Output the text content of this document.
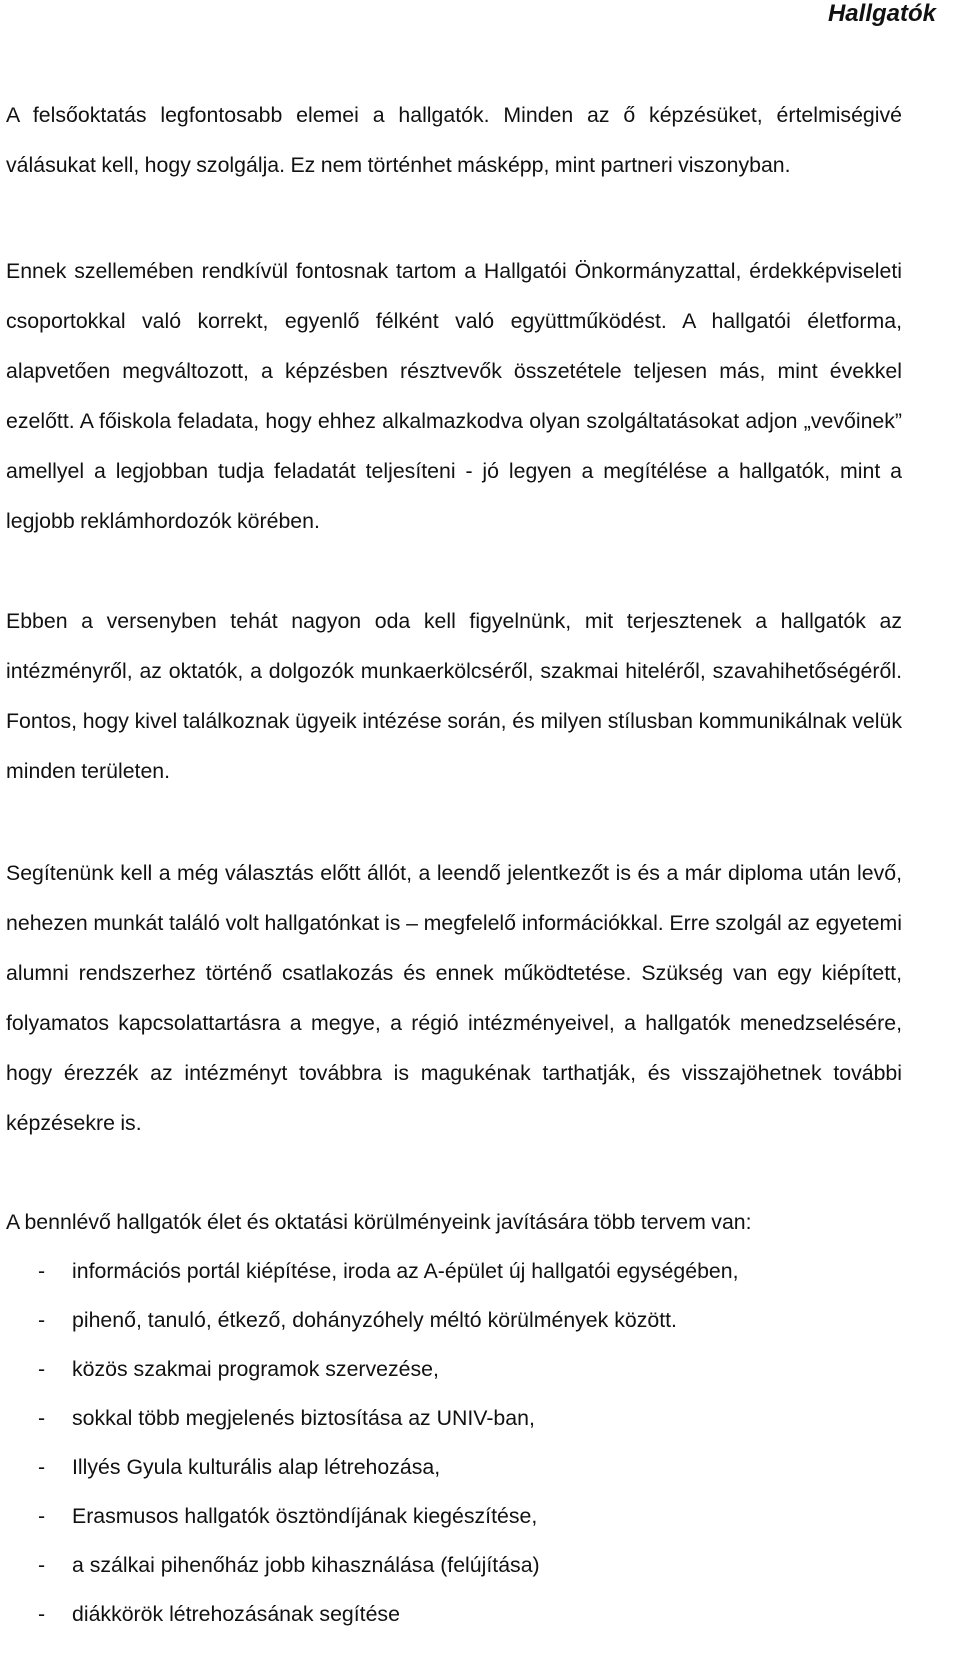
Hallgatók

A felsőoktatás legfontosabb elemei a hallgatók. Minden az ő képzésüket, értelmiségivé válásukat kell, hogy szolgálja. Ez nem történhet másképp, mint partneri viszonyban.

Ennek szellemében rendkívül fontosnak tartom a Hallgatói Önkormányzattal, érdekképviseleti csoportokkal való korrekt, egyenlő félként való együttműködést. A hallgatói életforma, alapvetően megváltozott, a képzésben résztvevők összetétele teljesen más, mint évekkel ezelőtt. A főiskola feladata, hogy ehhez alkalmazkodva olyan szolgáltatásokat adjon „vevőinek” amellyel a legjobban tudja feladatát teljesíteni - jó legyen a megítélése a hallgatók, mint a legjobb reklámhordozók körében.

Ebben a versenyben tehát nagyon oda kell figyelnünk, mit terjesztenek a hallgatók az intézményről, az oktatók, a dolgozók munkaerkölcséről, szakmai hiteléről, szavahihetőségéről. Fontos, hogy kivel találkoznak ügyeik intézése során, és milyen stílusban kommunikálnak velük minden területen.

Segítenünk kell a még választás előtt állót, a leendő jelentkezőt is és a már diploma után levő, nehezen munkát találó volt hallgatónkat is – megfelelő információkkal. Erre szolgál az egyetemi alumni rendszerhez történő csatlakozás és ennek működtetése. Szükség van egy kiépített, folyamatos kapcsolattartásra a megye, a régió intézményeivel, a hallgatók menedzselésére, hogy érezzék az intézményt továbbra is magukénak tarthatják, és visszajöhetnek további képzésekre is.

A bennlévő hallgatók élet és oktatási körülményeink javítására több tervem van:

- információs portál kiépítése, iroda az A-épület új hallgatói egységében,
- pihenő, tanuló, étkező, dohányzóhely méltó körülmények között.
- közös szakmai programok szervezése,
- sokkal több megjelenés biztosítása az UNIV-ban,
- Illyés Gyula kulturális alap létrehozása,
- Erasmusos hallgatók ösztöndíjának kiegészítése,
- a szálkai pihenőház jobb kihasználása (felújítása)
- diákkörök létrehozásának segítése
